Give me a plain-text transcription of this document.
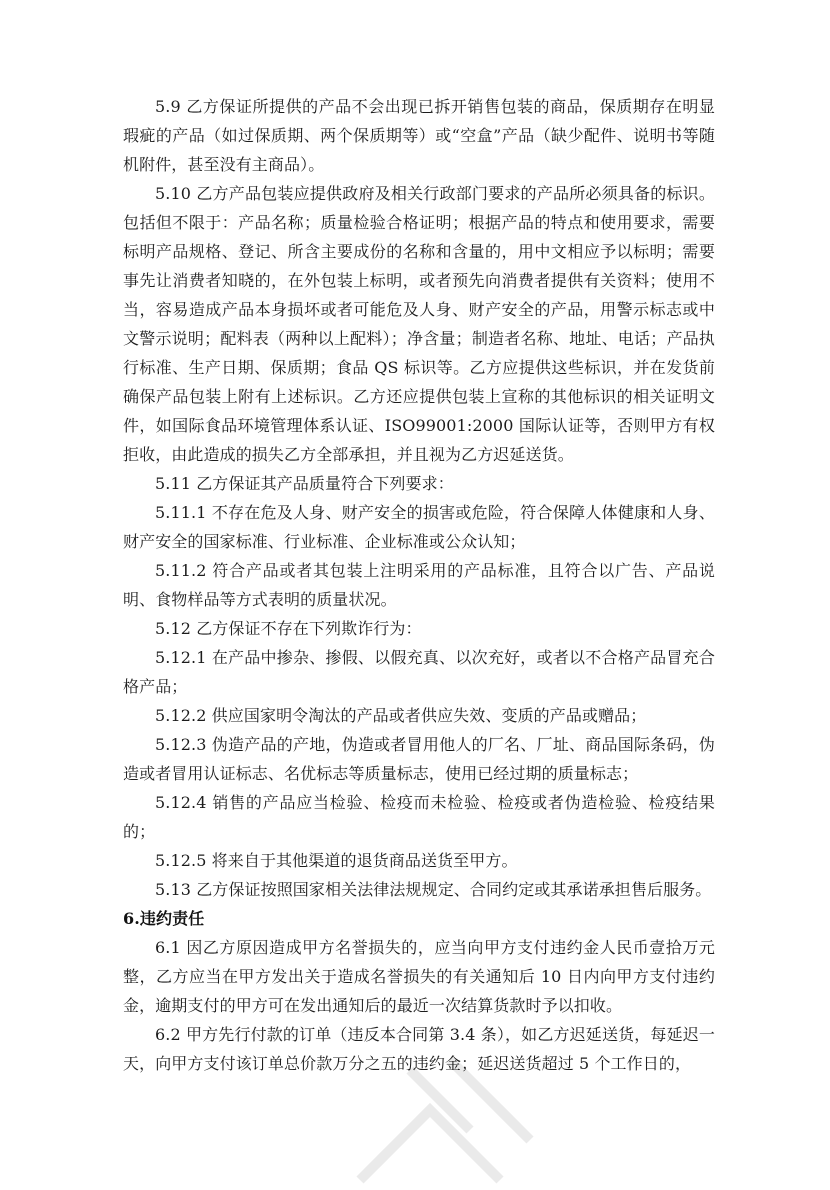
5.9 乙方保证所提供的产品不会出现已拆开销售包装的商品，保质期存在明显瑕疵的产品（如过保质期、两个保质期等）或“空盒”产品（缺少配件、说明书等随机附件，甚至没有主商品）。

5.10 乙方产品包装应提供政府及相关行政部门要求的产品所必须具备的标识。包括但不限于：产品名称；质量检验合格证明；根据产品的特点和使用要求，需要标明产品规格、登记、所含主要成份的名称和含量的，用中文相应予以标明；需要事先让消费者知晓的，在外包装上标明，或者预先向消费者提供有关资料；使用不当，容易造成产品本身损坏或者可能危及人身、财产安全的产品，用警示标志或中文警示说明；配料表（两种以上配料）；净含量；制造者名称、地址、电话；产品执行标准、生产日期、保质期；食品 QS 标识等。乙方应提供这些标识，并在发货前确保产品包装上附有上述标识。乙方还应提供包装上宣称的其他标识的相关证明文件，如国际食品环境管理体系认证、ISO99001:2000 国际认证等，否则甲方有权拒收，由此造成的损失乙方全部承担，并且视为乙方迟延送货。

5.11 乙方保证其产品质量符合下列要求：

5.11.1 不存在危及人身、财产安全的损害或危险，符合保障人体健康和人身、财产安全的国家标准、行业标准、企业标准或公众认知；

5.11.2 符合产品或者其包装上注明采用的产品标准，且符合以广告、产品说明、食物样品等方式表明的质量状况。

5.12 乙方保证不存在下列欺诈行为：

5.12.1 在产品中掺杂、掺假、以假充真、以次充好，或者以不合格产品冒充合格产品；

5.12.2 供应国家明令淘汰的产品或者供应失效、变质的产品或赠品；

5.12.3 伪造产品的产地，伪造或者冒用他人的厂名、厂址、商品国际条码，伪造或者冒用认证标志、名优标志等质量标志，使用已经过期的质量标志；

5.12.4 销售的产品应当检验、检疫而未检验、检疫或者伪造检验、检疫结果的；

5.12.5 将来自于其他渠道的退货商品送货至甲方。

5.13 乙方保证按照国家相关法律法规规定、合同约定或其承诺承担售后服务。

6.违约责任

6.1 因乙方原因造成甲方名誉损失的，应当向甲方支付违约金人民币壹拾万元整，乙方应当在甲方发出关于造成名誉损失的有关通知后 10 日内向甲方支付违约金，逾期支付的甲方可在发出通知后的最近一次结算货款时予以扣收。

6.2 甲方先行付款的订单（违反本合同第 3.4 条），如乙方迟延送货，每延迟一天，向甲方支付该订单总价款万分之五的违约金；延迟送货超过 5 个工作日的，
